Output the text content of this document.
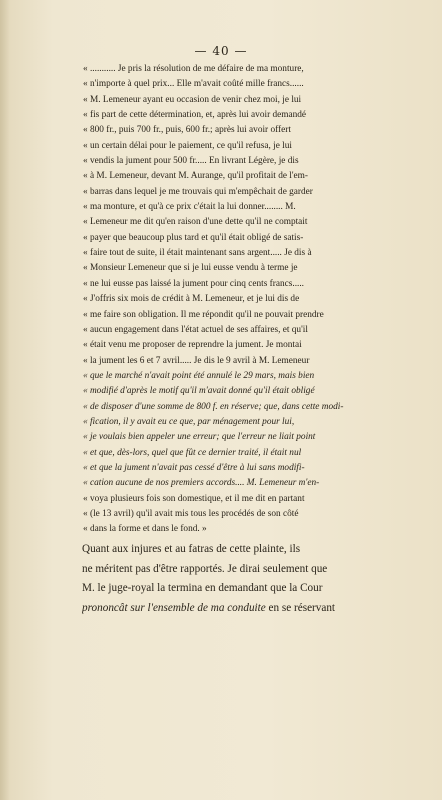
— 40 —
« ........... Je pris la résolution de me défaire de ma monture,
« n'importe à quel prix... Elle m'avait coûté mille francs......
« M. Lemeneur ayant eu occasion de venir chez moi, je lui
« fis part de cette détermination, et, après lui avoir demandé
« 800 fr., puis 700 fr., puis, 600 fr.; après lui avoir offert
« un certain délai pour le paiement, ce qu'il refusa, je lui
« vendis la jument pour 500 fr..... En livrant Légère, je dis
« à M. Lemeneur, devant M. Aurange, qu'il profitait de l'em-
« barras dans lequel je me trouvais qui m'empêchait de garder
« ma monture, et qu'à ce prix c'était la lui donner........ M.
« Lemeneur me dit qu'en raison d'une dette qu'il ne comptait
« payer que beaucoup plus tard et qu'il était obligé de satis-
« faire tout de suite, il était maintenant sans argent..... Je dis à
« Monsieur Lemeneur que si je lui eusse vendu à terme je
« ne lui eusse pas laissé la jument pour cinq cents francs.....
« J'offris six mois de crédit à M. Lemeneur, et je lui dis de
« me faire son obligation. Il me répondit qu'il ne pouvait prendre
« aucun engagement dans l'état actuel de ses affaires, et qu'il
« était venu me proposer de reprendre la jument. Je montai
« la jument les 6 et 7 avril..... Je dis le 9 avril à M. Lemeneur
« que le marché n'avait point été annulé le 29 mars, mais bien
« modifié d'après le motif qu'il m'avait donné qu'il était obligé
« de disposer d'une somme de 800 f. en réserve; que, dans cette modi-
« fication, il y avait eu ce que, par ménagement pour lui,
« je voulais bien appeler une erreur; que l'erreur ne liait point
« et que, dès-lors, quel que fût ce dernier traité, il était nul
« et que la jument n'avait pas cessé d'être à lui sans modifi-
« cation aucune de nos premiers accords.... M. Lemeneur m'en-
« voya plusieurs fois son domestique, et il me dit en partant
« (le 13 avril) qu'il avait mis tous les procédés de son côté
« dans la forme et dans le fond. »
Quant aux injures et au fatras de cette plainte, ils
ne méritent pas d'être rapportés. Je dirai seulement que
M. le juge-royal la termina en demandant que la Cour
prononcât sur l'ensemble de ma conduite en se réservant
